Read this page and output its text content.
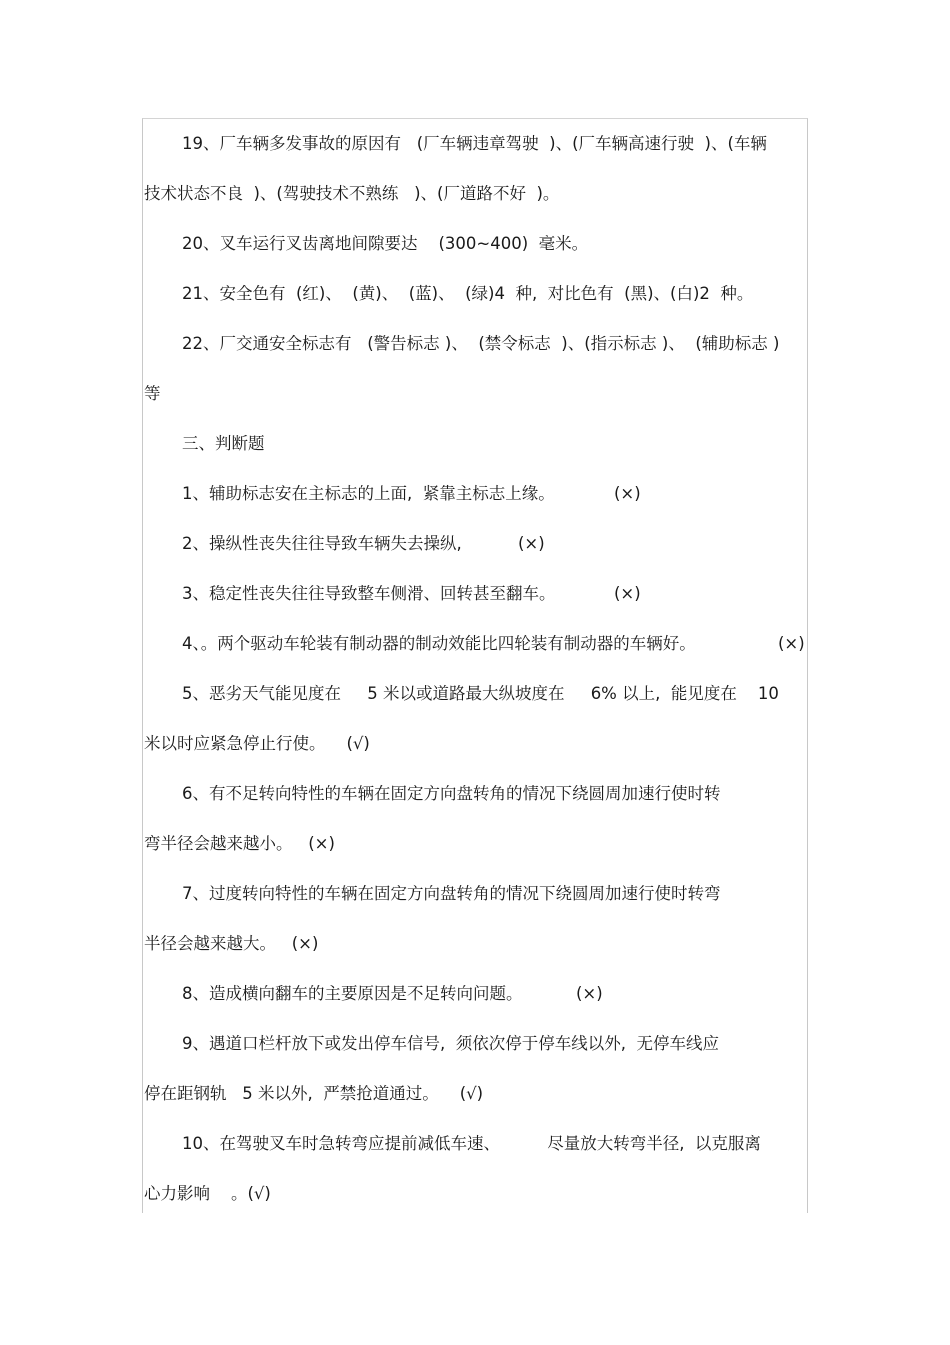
19、厂车辆多发事故的原因有   (厂车辆违章驾驶  )、(厂车辆高速行驶  )、(车辆
技术状态不良  )、(驾驶技术不熟练   )、(厂道路不好  )。
20、叉车运行叉齿离地间隙要达    (300~400)  毫米。
21、安全色有  (红)、  (黄)、  (蓝)、  (绿)4  种,  对比色有  (黑)、(白)2  种。
22、厂交通安全标志有   (警告标志 )、  (禁令标志  )、(指示标志 )、  (辅助标志 )
等
三、判断题
1、辅助标志安在主标志的上面,  紧靠主标志上缘。	(×)
2、操纵性丧失往往导致车辆失去操纵,	(×)
3、稳定性丧失往往导致整车侧滑、回转甚至翻车。	(×)
4、。两个驱动车轮装有制动器的制动效能比四轮装有制动器的车辆好。	(×)
5、恶劣天气能见度在     5 米以或道路最大纵坡度在     6% 以上,  能见度在    10
米以时应紧急停止行使。    (√)
6、有不足转向特性的车辆在固定方向盘转角的情况下绕圆周加速行使时转
弯半径会越来越小。   (×)
7、过度转向特性的车辆在固定方向盘转角的情况下绕圆周加速行使时转弯
半径会越来越大。   (×)
8、造成横向翻车的主要原因是不足转向问题。	(×)
9、遇道口栏杆放下或发出停车信号,  须依次停于停车线以外,  无停车线应
停在距钢轨   5 米以外,  严禁抢道通过。    (√)
10、在驾驶叉车时急转弯应提前减低车速、         尽量放大转弯半径,  以克服离
心力影响    。(√)
